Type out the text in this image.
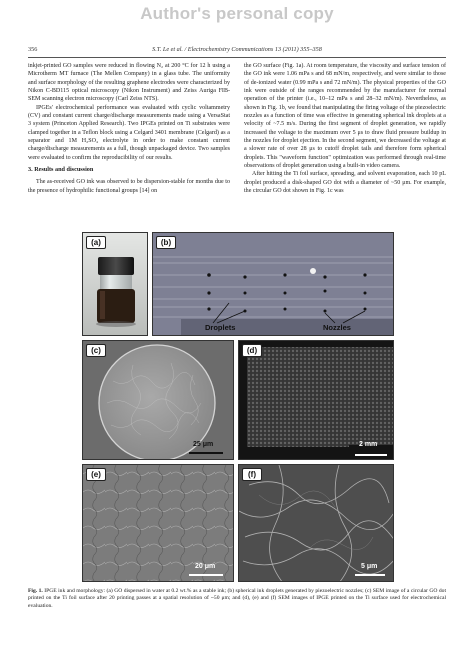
Author's personal copy
356	S.T. Le et al. / Electrochemistry Communications 13 (2011) 355–358

inkjet-printed GO samples were reduced in flowing N₂ at 200 °C for 12 h using a Microtherm MT furnace (The Mellen Company) in a glass tube. The uniformity and surface morphology of the resulting graphene electrodes were characterized by Nikon C-BD115 optical microscopy (Nikon Instrument) and Zeiss Auriga FIB-SEM scanning electron microscopy (Carl Zeiss NTS).

IPGEs' electrochemical performance was evaluated with cyclic voltammetry (CV) and constant current charge/discharge measurements made using a VersaStat 3 system (Princeton Applied Research). Two IPGEs printed on Ti substrates were clamped together in a Teflon block using a Celgard 3401 membrane (Celgard) as a separator and 1M H₂SO₄ electrolyte in order to make constant current charge/discharge measurements as a full, though unpackaged device. Two samples were evaluated to confirm the reproducibility of our results.

3. Results and discussion

The as-received GO ink was observed to be dispersion-stable for months due to the presence of hydrophilic functional groups [14] on

the GO surface (Fig. 1a). At room temperature, the viscosity and surface tension of the GO ink were 1.06 mPa s and 68 mN/m, respectively, and were similar to those of de-ionized water (0.99 mPa s and 72 mN/m). The physical properties of the GO ink were outside of the ranges recommended by the manufacturer for normal operation of the printer (i.e., 10–12 mPa s and 28–32 mN/m). Nevertheless, as shown in Fig. 1b, we found that manipulating the firing voltage of the piezoelectric nozzles as a function of time was effective in generating spherical ink droplets at a velocity of ~7.5 m/s. During the first segment of droplet generation, we rapidly increased the voltage to the maximum over 5 μs to draw fluid pressure buildup in the nozzles for droplet ejection. In the second segment, we decreased the voltage at a slower rate of over 28 μs to cutoff droplet tails and therefore form spherical droplets. This "waveform function" optimization was performed through real-time observations of droplet generation using a built-in video camera.

After hitting the Ti foil surface, spreading, and solvent evaporation, each 10 pL droplet produced a disk-shaped GO dot with a diameter of ~50 μm. For example, the circular GO dot shown in Fig. 1c was

(a)	(b)
Droplets	Nozzles
(c)
25 μm
(d)
2 mm
(e)
20 μm
(f)
5 μm
Fig. 1. IPGE ink and morphology: (a) GO dispersed in water at 0.2 wt.% as a stable ink; (b) spherical ink droplets generated by piezoelectric nozzles; (c) SEM image of a circular GO dot printed on the Ti foil surface after 20 printing passes at a spatial resolution of ~50 μm; and (d), (e) and (f) SEM images of IPGE printed on the Ti surface used for electrochemical evaluation.
